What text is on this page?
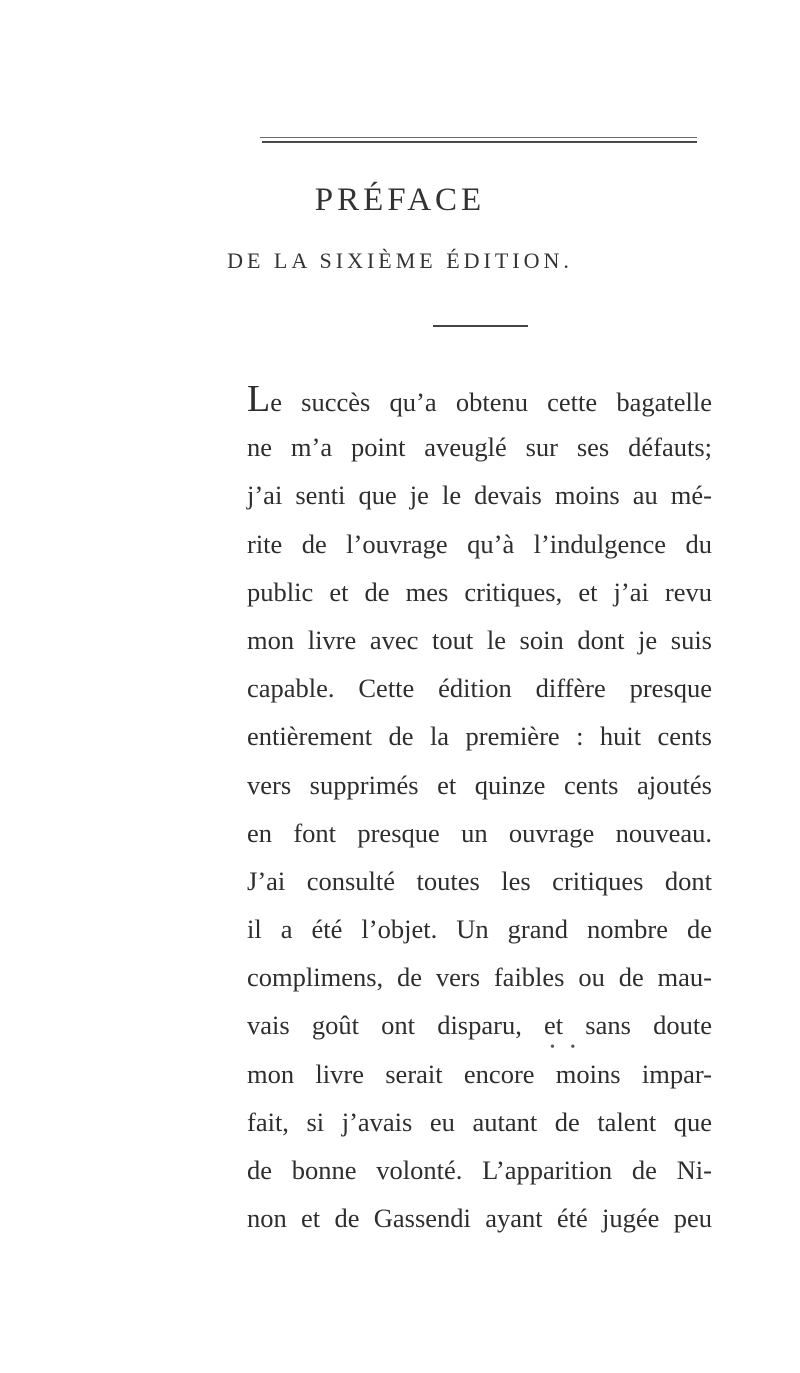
PRÉFACE
DE LA SIXIÈME ÉDITION.
Le succès qu’a obtenu cette bagatelle
ne m’a point aveuglé sur ses défauts;
j’ai senti que je le devais moins au mé-
rite de l’ouvrage qu’à l’indulgence du
public et de mes critiques, et j’ai revu
mon livre avec tout le soin dont je suis
capable. Cette édition diffère presque
entièrement de la première : huit cents
vers supprimés et quinze cents ajoutés
en font presque un ouvrage nouveau.
J’ai consulté toutes les critiques dont
il a été l’objet. Un grand nombre de
complimens, de vers faibles ou de mau-
vais goût ont disparu, et sans doute
mon livre serait encore moins impar-
fait, si j’avais eu autant de talent que
de bonne volonté. L’apparition de Ni-
non et de Gassendi ayant été jugée peu
• •
